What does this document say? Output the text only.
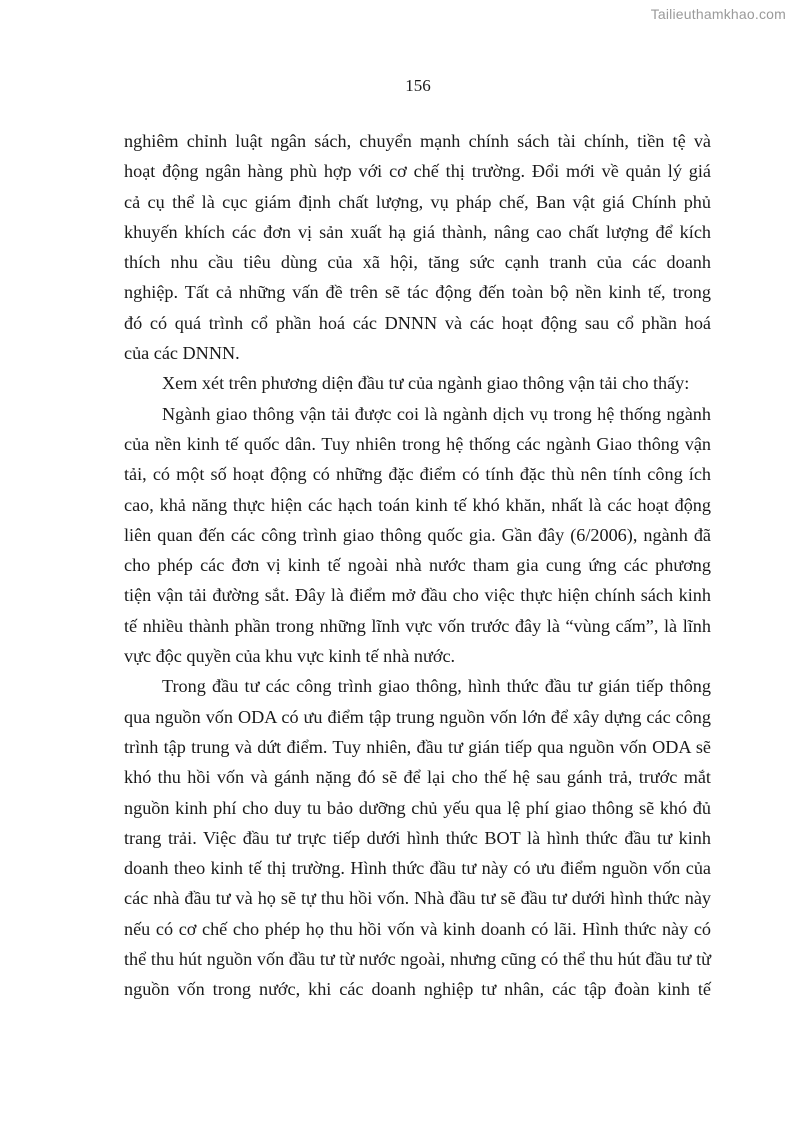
Tailieuthamkhao.com
156
nghiêm chỉnh luật ngân sách, chuyển mạnh chính sách tài chính, tiền tệ và
hoạt động ngân hàng phù hợp với cơ chế thị trường. Đổi mới về quản lý giá
cả cụ thể là cục giám định chất lượng, vụ pháp chế, Ban vật giá Chính phủ
khuyến khích các đơn vị sản xuất hạ giá thành, nâng cao chất lượng để kích
thích nhu cầu tiêu dùng của xã hội, tăng sức cạnh tranh của các doanh
nghiệp. Tất cả những vấn đề trên sẽ tác động đến toàn bộ nền kinh tế, trong
đó có quá trình cổ phần hoá các DNNN và các hoạt động sau cổ phần hoá
của các DNNN.
Xem xét trên phương diện đầu tư của ngành giao thông vận tải cho thấy:
Ngành giao thông vận tải được coi là ngành dịch vụ trong hệ thống ngành
của nền kinh tế quốc dân. Tuy nhiên trong hệ thống các ngành Giao thông vận
tải, có một số hoạt động có những đặc điểm có tính đặc thù nên tính công ích
cao, khả năng thực hiện các hạch toán kinh tế khó khăn, nhất là các hoạt động
liên quan đến các công trình giao thông quốc gia. Gần đây (6/2006), ngành đã
cho phép các đơn vị kinh tế ngoài nhà nước tham gia cung ứng các phương
tiện vận tải đường sắt. Đây là điểm mở đầu cho việc thực hiện chính sách kinh
tế nhiều thành phần trong những lĩnh vực vốn trước đây là “vùng cấm”, là lĩnh
vực độc quyền của khu vực kinh tế nhà nước.
Trong đầu tư các công trình giao thông, hình thức đầu tư gián tiếp thông
qua nguồn vốn ODA có ưu điểm tập trung nguồn vốn lớn để xây dựng các công
trình tập trung và dứt điểm. Tuy nhiên, đầu tư gián tiếp qua nguồn vốn ODA sẽ
khó thu hồi vốn và gánh nặng đó sẽ để lại cho thế hệ sau gánh trả, trước mắt
nguồn kinh phí cho duy tu bảo dưỡng chủ yếu qua lệ phí giao thông sẽ khó đủ
trang trải. Việc đầu tư trực tiếp dưới hình thức BOT là hình thức đầu tư kinh
doanh theo kinh tế thị trường. Hình thức đầu tư này có ưu điểm nguồn vốn của
các nhà đầu tư và họ sẽ tự thu hồi vốn. Nhà đầu tư sẽ đầu tư dưới hình thức này
nếu có cơ chế cho phép họ thu hồi vốn và kinh doanh có lãi. Hình thức này có
thể thu hút nguồn vốn đầu tư từ nước ngoài, nhưng cũng có thể thu hút đầu tư từ
nguồn vốn trong nước, khi các doanh nghiệp tư nhân, các tập đoàn kinh tế
